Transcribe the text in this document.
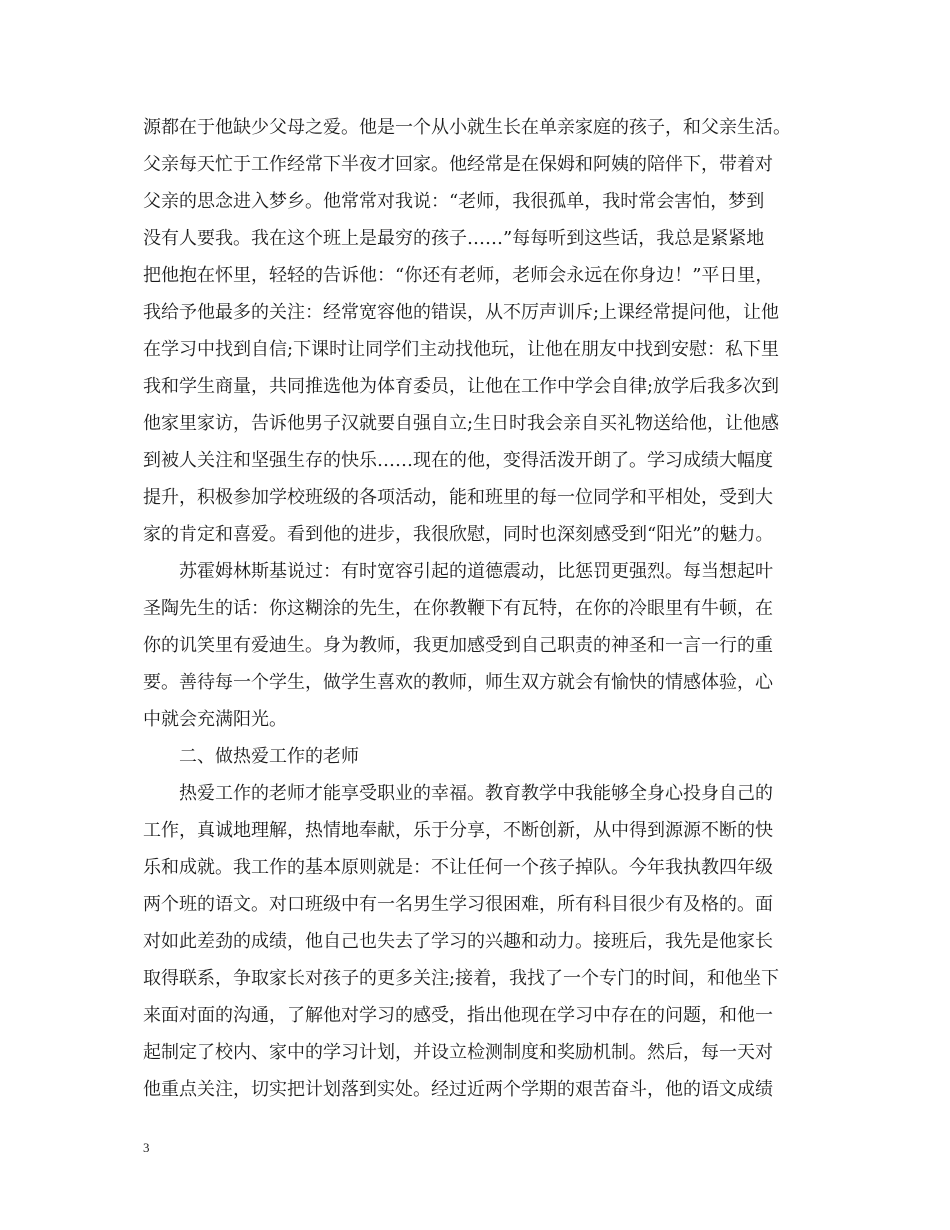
源都在于他缺少父母之爱。他是一个从小就生长在单亲家庭的孩子，和父亲生活。
父亲每天忙于工作经常下半夜才回家。他经常是在保姆和阿姨的陪伴下，带着对
父亲的思念进入梦乡。他常常对我说：“老师，我很孤单，我时常会害怕，梦到
没有人要我。我在这个班上是最穷的孩子……”每每听到这些话，我总是紧紧地
把他抱在怀里，轻轻的告诉他：“你还有老师，老师会永远在你身边！”平日里，
我给予他最多的关注：经常宽容他的错误，从不厉声训斥;上课经常提问他，让他
在学习中找到自信;下课时让同学们主动找他玩，让他在朋友中找到安慰：私下里
我和学生商量，共同推选他为体育委员，让他在工作中学会自律;放学后我多次到
他家里家访，告诉他男子汉就要自强自立;生日时我会亲自买礼物送给他，让他感
到被人关注和坚强生存的快乐……现在的他，变得活泼开朗了。学习成绩大幅度
提升，积极参加学校班级的各项活动，能和班里的每一位同学和平相处，受到大
家的肯定和喜爱。看到他的进步，我很欣慰，同时也深刻感受到“阳光”的魅力。
苏霍姆林斯基说过：有时宽容引起的道德震动，比惩罚更强烈。每当想起叶
圣陶先生的话：你这糊涂的先生，在你教鞭下有瓦特，在你的冷眼里有牛顿，在
你的讥笑里有爱迪生。身为教师，我更加感受到自己职责的神圣和一言一行的重
要。善待每一个学生，做学生喜欢的教师，师生双方就会有愉快的情感体验，心
中就会充满阳光。
二、做热爱工作的老师
热爱工作的老师才能享受职业的幸福。教育教学中我能够全身心投身自己的
工作，真诚地理解，热情地奉献，乐于分享，不断创新，从中得到源源不断的快
乐和成就。我工作的基本原则就是：不让任何一个孩子掉队。今年我执教四年级
两个班的语文。对口班级中有一名男生学习很困难，所有科目很少有及格的。面
对如此差劲的成绩，他自己也失去了学习的兴趣和动力。接班后，我先是他家长
取得联系，争取家长对孩子的更多关注;接着，我找了一个专门的时间，和他坐下
来面对面的沟通，了解他对学习的感受，指出他现在学习中存在的问题，和他一
起制定了校内、家中的学习计划，并设立检测制度和奖励机制。然后，每一天对
他重点关注，切实把计划落到实处。经过近两个学期的艰苦奋斗，他的语文成绩
3
